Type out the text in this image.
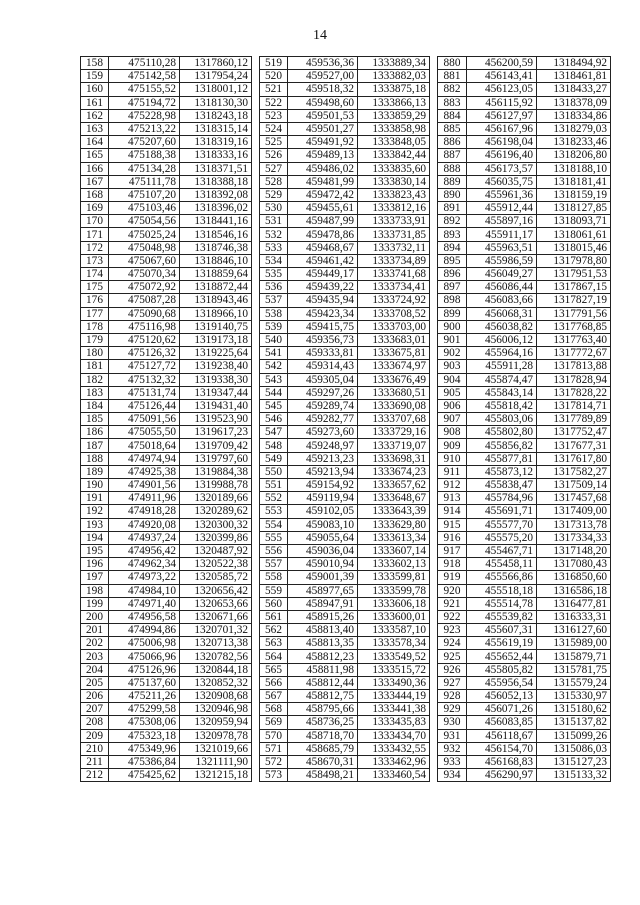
14
158	475110,28	1317860,12
159	475142,58	1317954,24
160	475155,52	1318001,12
161	475194,72	1318130,30
162	475228,98	1318243,18
163	475213,22	1318315,14
164	475207,60	1318319,16
165	475188,38	1318333,16
166	475134,28	1318371,51
167	475111,78	1318388,18
168	475107,20	1318392,08
169	475103,46	1318396,02
170	475054,56	1318441,16
171	475025,24	1318546,16
172	475048,98	1318746,38
173	475067,60	1318846,10
174	475070,34	1318859,64
175	475072,92	1318872,44
176	475087,28	1318943,46
177	475090,68	1318966,10
178	475116,98	1319140,75
179	475120,62	1319173,18
180	475126,32	1319225,64
181	475127,72	1319238,40
182	475132,32	1319338,30
183	475131,74	1319347,44
184	475126,44	1319431,40
185	475091,56	1319523,90
186	475055,50	1319617,23
187	475018,64	1319709,42
188	474974,94	1319797,60
189	474925,38	1319884,38
190	474901,56	1319988,78
191	474911,96	1320189,66
192	474918,28	1320289,62
193	474920,08	1320300,32
194	474937,24	1320399,86
195	474956,42	1320487,92
196	474962,34	1320522,38
197	474973,22	1320585,72
198	474984,10	1320656,42
199	474971,40	1320653,66
200	474956,58	1320671,66
201	474994,86	1320701,32
202	475006,98	1320713,38
203	475066,96	1320782,56
204	475126,96	1320844,18
205	475137,60	1320852,32
206	475211,26	1320908,68
207	475299,58	1320946,98
208	475308,06	1320959,94
209	475323,18	1320978,78
210	475349,96	1321019,66
211	475386,84	1321111,90
212	475425,62	1321215,18
519	459536,36	1333889,34
520	459527,00	1333882,03
521	459518,32	1333875,18
522	459498,60	1333866,13
523	459501,53	1333859,29
524	459501,27	1333858,98
525	459491,92	1333848,05
526	459489,13	1333842,44
527	459486,02	1333835,60
528	459481,99	1333830,14
529	459472,42	1333823,43
530	459455,61	1333812,16
531	459487,99	1333733,91
532	459478,86	1333731,85
533	459468,67	1333732,11
534	459461,42	1333734,89
535	459449,17	1333741,68
536	459439,22	1333734,41
537	459435,94	1333724,92
538	459423,34	1333708,52
539	459415,75	1333703,00
540	459356,73	1333683,01
541	459333,81	1333675,81
542	459314,43	1333674,97
543	459305,04	1333676,49
544	459297,26	1333680,51
545	459289,74	1333690,08
546	459282,77	1333707,68
547	459273,60	1333729,16
548	459248,97	1333719,07
549	459213,23	1333698,31
550	459213,94	1333674,23
551	459154,92	1333657,62
552	459119,94	1333648,67
553	459102,05	1333643,39
554	459083,10	1333629,80
555	459055,64	1333613,34
556	459036,04	1333607,14
557	459010,94	1333602,13
558	459001,39	1333599,81
559	458977,65	1333599,78
560	458947,91	1333606,18
561	458915,26	1333600,01
562	458813,40	1333587,10
563	458813,35	1333578,34
564	458812,23	1333549,52
565	458811,98	1333515,72
566	458812,44	1333490,36
567	458812,75	1333444,19
568	458795,66	1333441,38
569	458736,25	1333435,83
570	458718,70	1333434,70
571	458685,79	1333432,55
572	458670,31	1333462,96
573	458498,21	1333460,54
880	456200,59	1318494,92
881	456143,41	1318461,81
882	456123,05	1318433,27
883	456115,92	1318378,09
884	456127,97	1318334,86
885	456167,96	1318279,03
886	456198,04	1318233,46
887	456196,40	1318206,80
888	456173,57	1318188,10
889	456035,75	1318181,41
890	455961,36	1318159,19
891	455912,44	1318127,85
892	455897,16	1318093,71
893	455911,17	1318061,61
894	455963,51	1318015,46
895	455986,59	1317978,80
896	456049,27	1317951,53
897	456086,44	1317867,15
898	456083,66	1317827,19
899	456068,31	1317791,56
900	456038,82	1317768,85
901	456006,12	1317763,40
902	455964,16	1317772,67
903	455911,28	1317813,88
904	455874,47	1317828,94
905	455843,14	1317828,22
906	455818,42	1317814,71
907	455803,06	1317789,89
908	455802,80	1317752,47
909	455856,82	1317677,31
910	455877,81	1317617,80
911	455873,12	1317582,27
912	455838,47	1317509,14
913	455784,96	1317457,68
914	455691,71	1317409,00
915	455577,70	1317313,78
916	455575,20	1317334,33
917	455467,71	1317148,20
918	455458,11	1317080,43
919	455566,86	1316850,60
920	455518,18	1316586,18
921	455514,78	1316477,81
922	455539,82	1316333,31
923	455607,31	1316127,60
924	455619,19	1315989,00
925	455652,44	1315879,71
926	455805,82	1315781,75
927	455956,54	1315579,24
928	456052,13	1315330,97
929	456071,26	1315180,62
930	456083,85	1315137,82
931	456118,67	1315099,26
932	456154,70	1315086,03
933	456168,83	1315127,23
934	456290,97	1315133,32
